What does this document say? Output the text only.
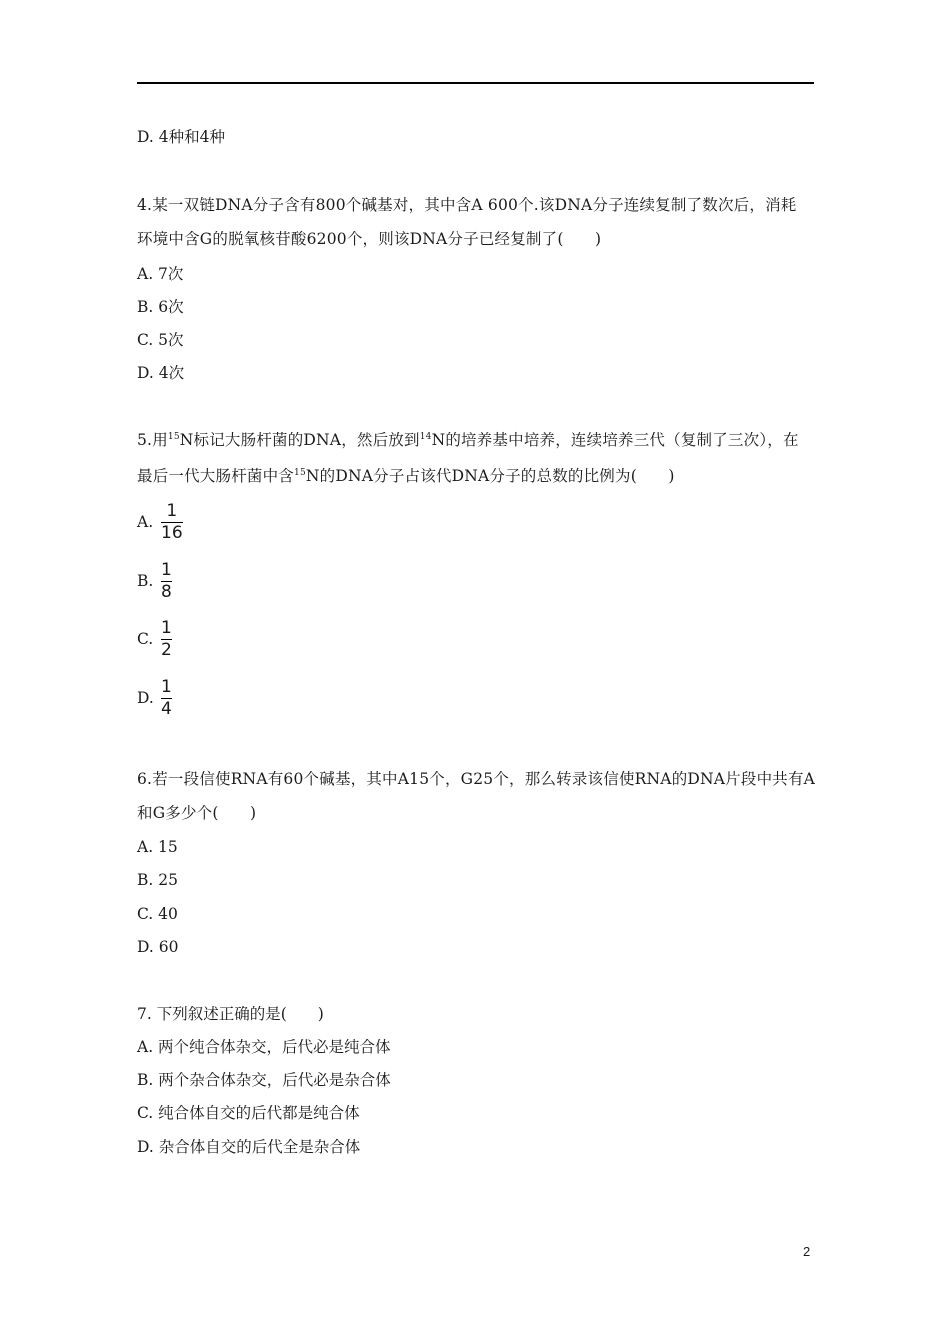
D. 4种和4种
4.某一双链DNA分子含有800个碱基对，其中含A 600个.该DNA分子连续复制了数次后，消耗
环境中含G的脱氧核苷酸6200个，则该DNA分子已经复制了(　　)
A. 7次
B. 6次
C. 5次
D. 4次
5.用$^{15}$N标记大肠杆菌的DNA，然后放到$^{14}$N的培养基中培养，连续培养三代（复制了三次），在
最后一代大肠杆菌中含$^{15}$N的DNA分子占该代DNA分子的总数的比例为(　　)
A. $\frac{1}{16}$
B. $\frac{1}{8}$
C. $\frac{1}{2}$
D. $\frac{1}{4}$
6.若一段信使RNA有60个碱基，其中A15个，G25个，那么转录该信使RNA的DNA片段中共有A
和G多少个(　　)
A. 15
B. 25
C. 40
D. 60
7. 下列叙述正确的是(　　)
A. 两个纯合体杂交，后代必是纯合体
B. 两个杂合体杂交，后代必是杂合体
C. 纯合体自交的后代都是纯合体
D. 杂合体自交的后代全是杂合体
2
